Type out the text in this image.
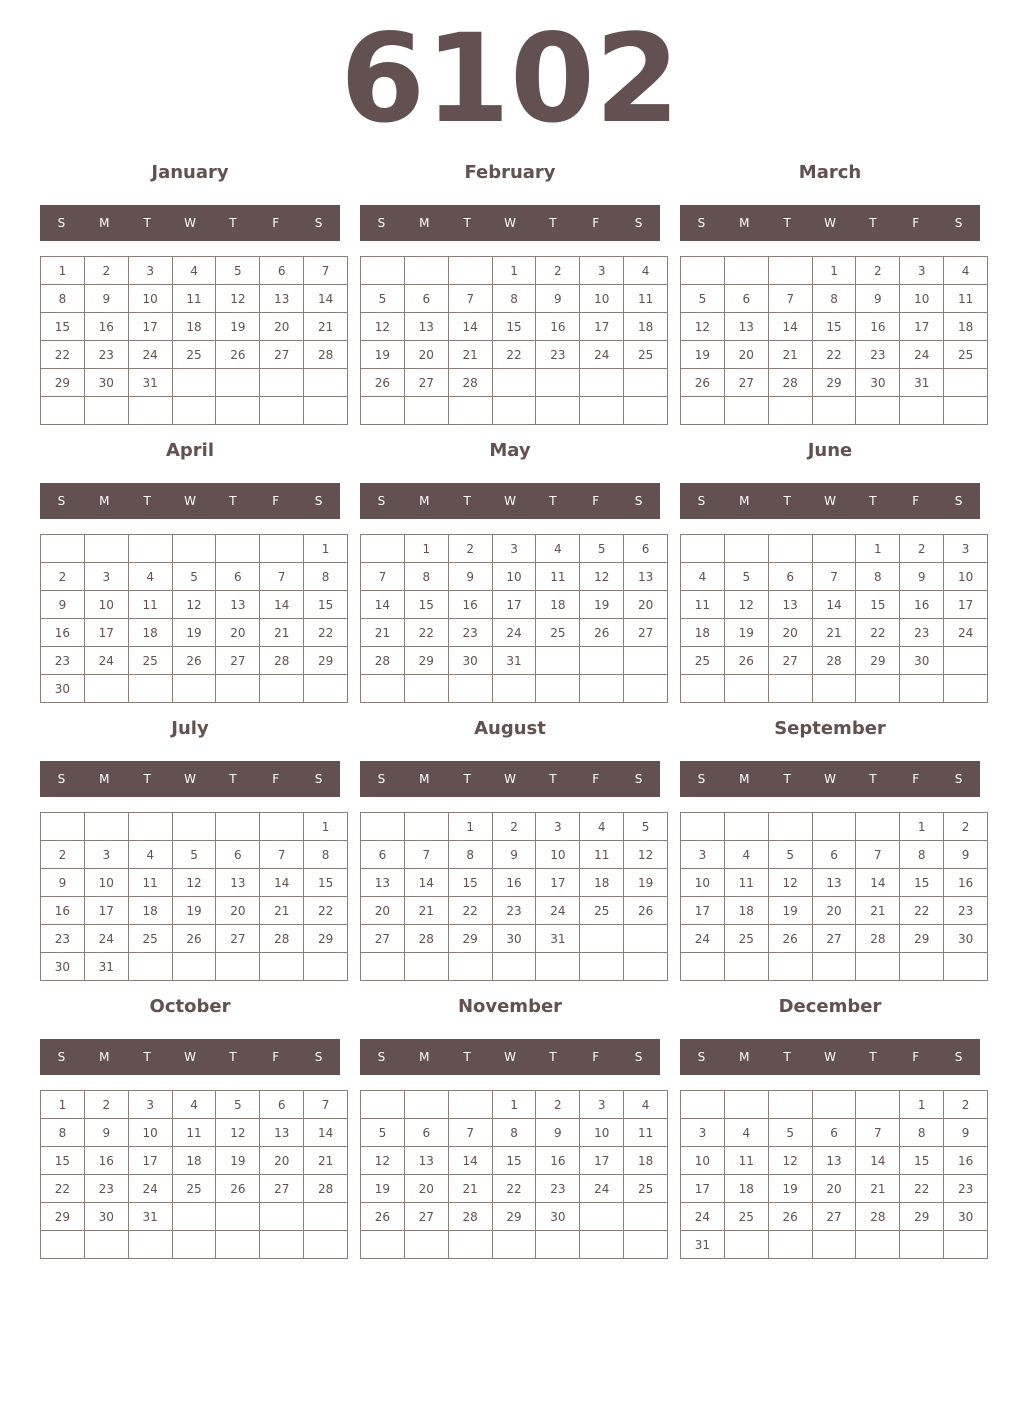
6102
January
S	M	T	W	T	F	S
1	2	3	4	5	6	7
8	9	10	11	12	13	14
15	16	17	18	19	20	21
22	23	24	25	26	27	28
29	30	31				

February
S	M	T	W	T	F	S
			1	2	3	4
5	6	7	8	9	10	11
12	13	14	15	16	17	18
19	20	21	22	23	24	25
26	27	28				

March
S	M	T	W	T	F	S
			1	2	3	4
5	6	7	8	9	10	11
12	13	14	15	16	17	18
19	20	21	22	23	24	25
26	27	28	29	30	31	

April
S	M	T	W	T	F	S
						1
2	3	4	5	6	7	8
9	10	11	12	13	14	15
16	17	18	19	20	21	22
23	24	25	26	27	28	29
30						
May
S	M	T	W	T	F	S
	1	2	3	4	5	6
7	8	9	10	11	12	13
14	15	16	17	18	19	20
21	22	23	24	25	26	27
28	29	30	31			

June
S	M	T	W	T	F	S
				1	2	3
4	5	6	7	8	9	10
11	12	13	14	15	16	17
18	19	20	21	22	23	24
25	26	27	28	29	30	

July
S	M	T	W	T	F	S
						1
2	3	4	5	6	7	8
9	10	11	12	13	14	15
16	17	18	19	20	21	22
23	24	25	26	27	28	29
30	31					
August
S	M	T	W	T	F	S
		1	2	3	4	5
6	7	8	9	10	11	12
13	14	15	16	17	18	19
20	21	22	23	24	25	26
27	28	29	30	31		

September
S	M	T	W	T	F	S
					1	2
3	4	5	6	7	8	9
10	11	12	13	14	15	16
17	18	19	20	21	22	23
24	25	26	27	28	29	30

October
S	M	T	W	T	F	S
1	2	3	4	5	6	7
8	9	10	11	12	13	14
15	16	17	18	19	20	21
22	23	24	25	26	27	28
29	30	31				

November
S	M	T	W	T	F	S
			1	2	3	4
5	6	7	8	9	10	11
12	13	14	15	16	17	18
19	20	21	22	23	24	25
26	27	28	29	30		

December
S	M	T	W	T	F	S
					1	2
3	4	5	6	7	8	9
10	11	12	13	14	15	16
17	18	19	20	21	22	23
24	25	26	27	28	29	30
31						
